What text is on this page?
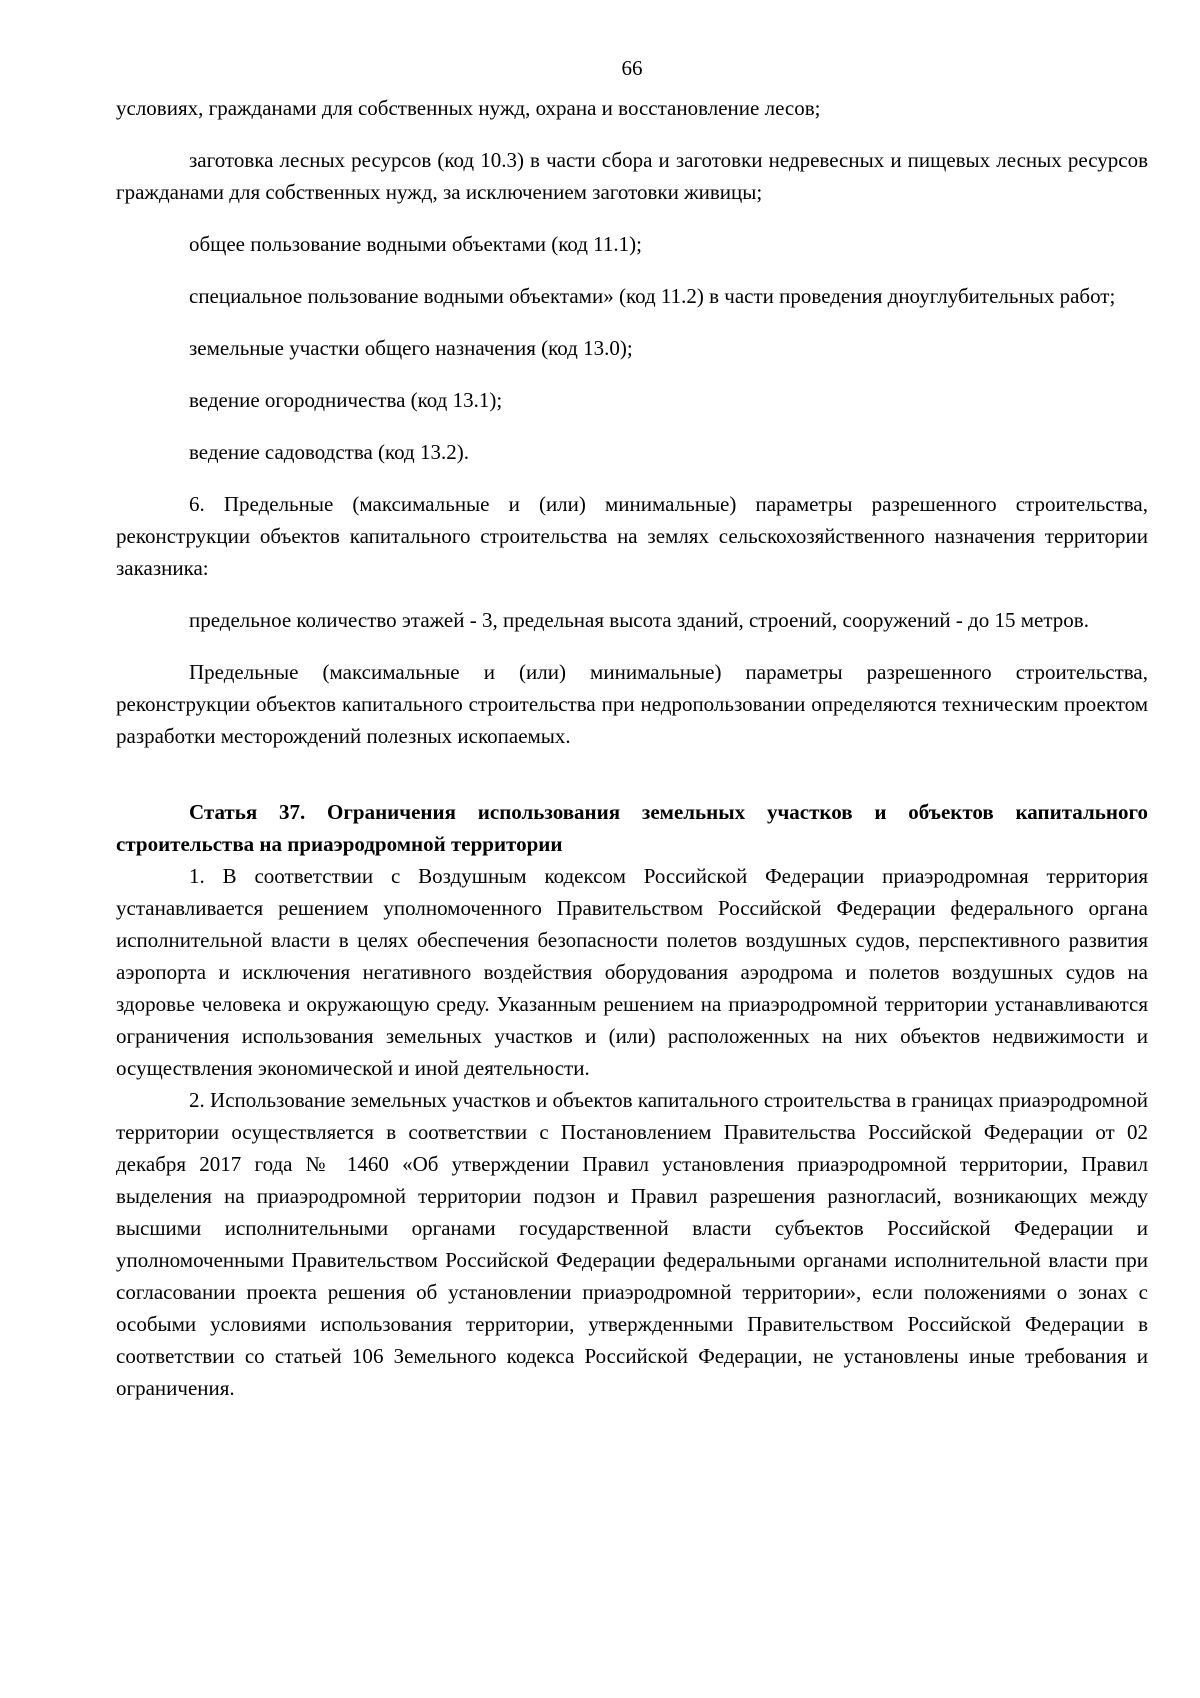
66

условиях, гражданами для собственных нужд, охрана и восстановление лесов;

заготовка лесных ресурсов (код 10.3) в части сбора и заготовки недревесных и пищевых лесных ресурсов гражданами для собственных нужд, за исключением заготовки живицы;

общее пользование водными объектами (код 11.1);

специальное пользование водными объектами» (код 11.2) в части проведения дноуглубительных работ;

земельные участки общего назначения (код 13.0);

ведение огородничества (код 13.1);

ведение садоводства (код 13.2).

6. Предельные (максимальные и (или) минимальные) параметры разрешенного строительства, реконструкции объектов капитального строительства на землях сельскохозяйственного назначения территории заказника:

предельное количество этажей - 3, предельная высота зданий, строений, сооружений - до 15 метров.

Предельные (максимальные и (или) минимальные) параметры разрешенного строительства, реконструкции объектов капитального строительства при недропользовании определяются техническим проектом разработки месторождений полезных ископаемых.

Статья 37. Ограничения использования земельных участков и объектов капитального строительства на приаэродромной территории

1. В соответствии с Воздушным кодексом Российской Федерации приаэродромная территория устанавливается решением уполномоченного Правительством Российской Федерации федерального органа исполнительной власти в целях обеспечения безопасности полетов воздушных судов, перспективного развития аэропорта и исключения негативного воздействия оборудования аэродрома и полетов воздушных судов на здоровье человека и окружающую среду. Указанным решением на приаэродромной территории устанавливаются ограничения использования земельных участков и (или) расположенных на них объектов недвижимости и осуществления экономической и иной деятельности.

2. Использование земельных участков и объектов капитального строительства в границах приаэродромной территории осуществляется в соответствии с Постановлением Правительства Российской Федерации от 02 декабря 2017 года № 1460 «Об утверждении Правил установления приаэродромной территории, Правил выделения на приаэродромной территории подзон и Правил разрешения разногласий, возникающих между высшими исполнительными органами государственной власти субъектов Российской Федерации и уполномоченными Правительством Российской Федерации федеральными органами исполнительной власти при согласовании проекта решения об установлении приаэродромной территории», если положениями о зонах с особыми условиями использования территории, утвержденными Правительством Российской Федерации в соответствии со статьей 106 Земельного кодекса Российской Федерации, не установлены иные требования и ограничения.
